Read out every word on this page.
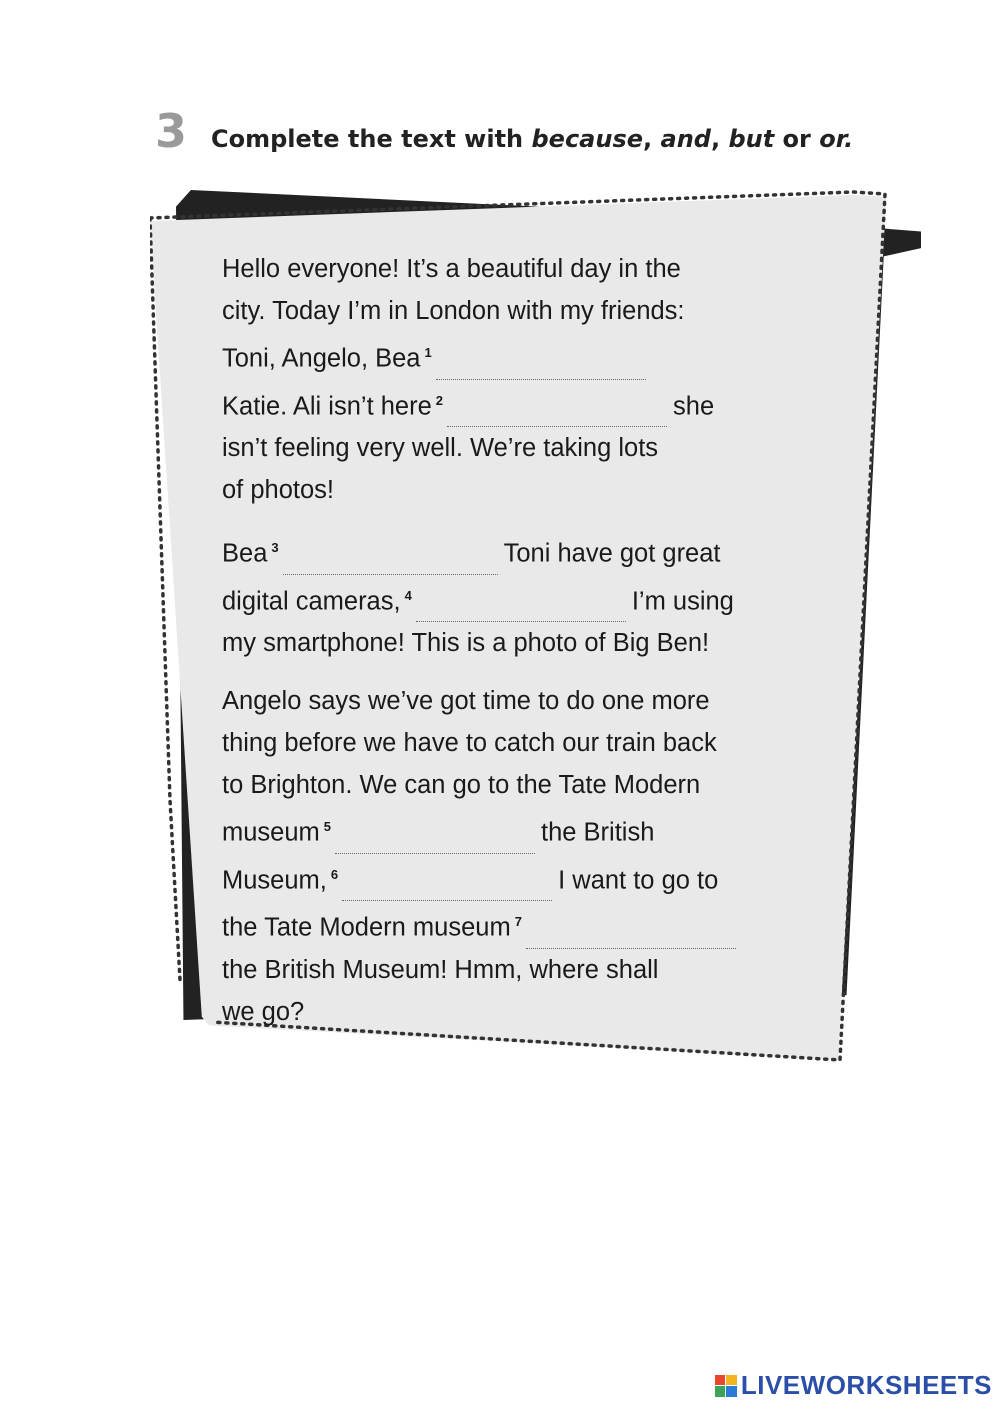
3 Complete the text with because, and, but or or.
Hello everyone! It’s a beautiful day in the
city. Today I’m in London with my friends:
Toni, Angelo, Bea $^1$
Katie. Ali isn’t here $^2$	she
isn’t feeling very well. We’re taking lots
of photos!
Bea $^3$	Toni have got great
digital cameras, $^4$	I’m using
my smartphone! This is a photo of Big Ben!
Angelo says we’ve got time to do one more
thing before we have to catch our train back
to Brighton. We can go to the Tate Modern
museum $^5$	the British
Museum, $^6$	I want to go to
the Tate Modern museum $^7$
the British Museum! Hmm, where shall
we go?
LIVEWORKSHEETS
